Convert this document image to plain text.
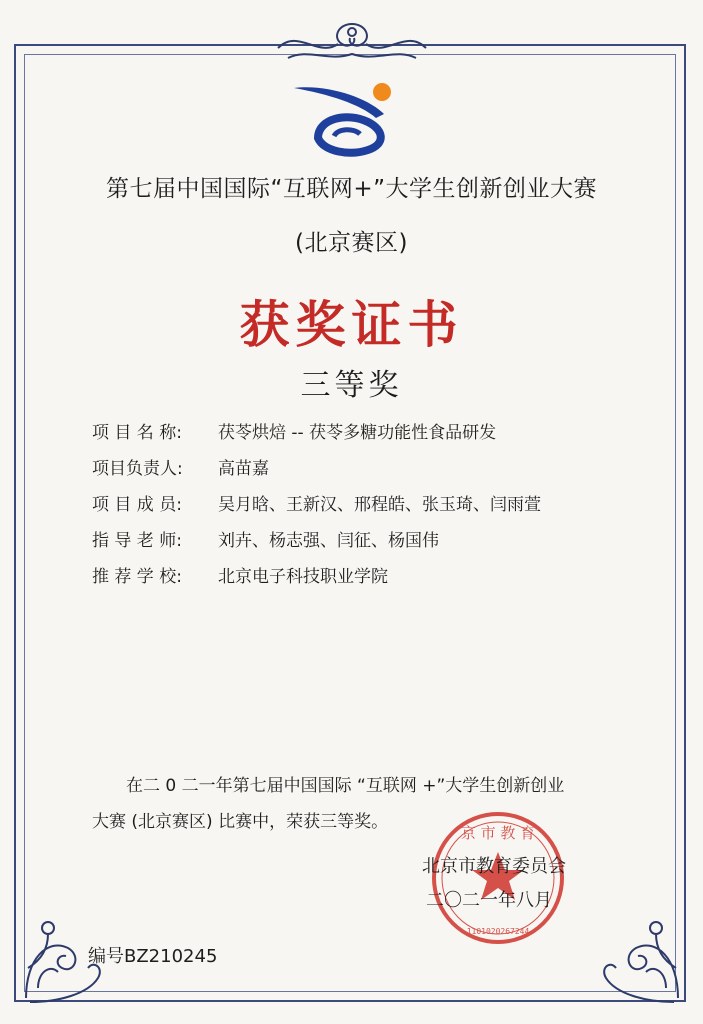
第七届中国国际“互联网+”大学生创新创业大赛
(北京赛区)
获奖证书
三等奖
项 目 名 称:	茯苓烘焙 -- 茯苓多糖功能性食品研发
项目负责人:	高苗嘉
项 目 成 员:	吴月晗、王新汉、邢程皓、张玉琦、闫雨萱
指 导 老 师:	刘卉、杨志强、闫征、杨国伟
推 荐 学 校:	北京电子科技职业学院
在二 0 二一年第七届中国国际 “互联网 +”大学生创新创业
大赛 (北京赛区) 比赛中，荣获三等奖。
京 市 教 育
1101020267244
北京市教育委员会
二〇二一年八月
编号BZ210245
